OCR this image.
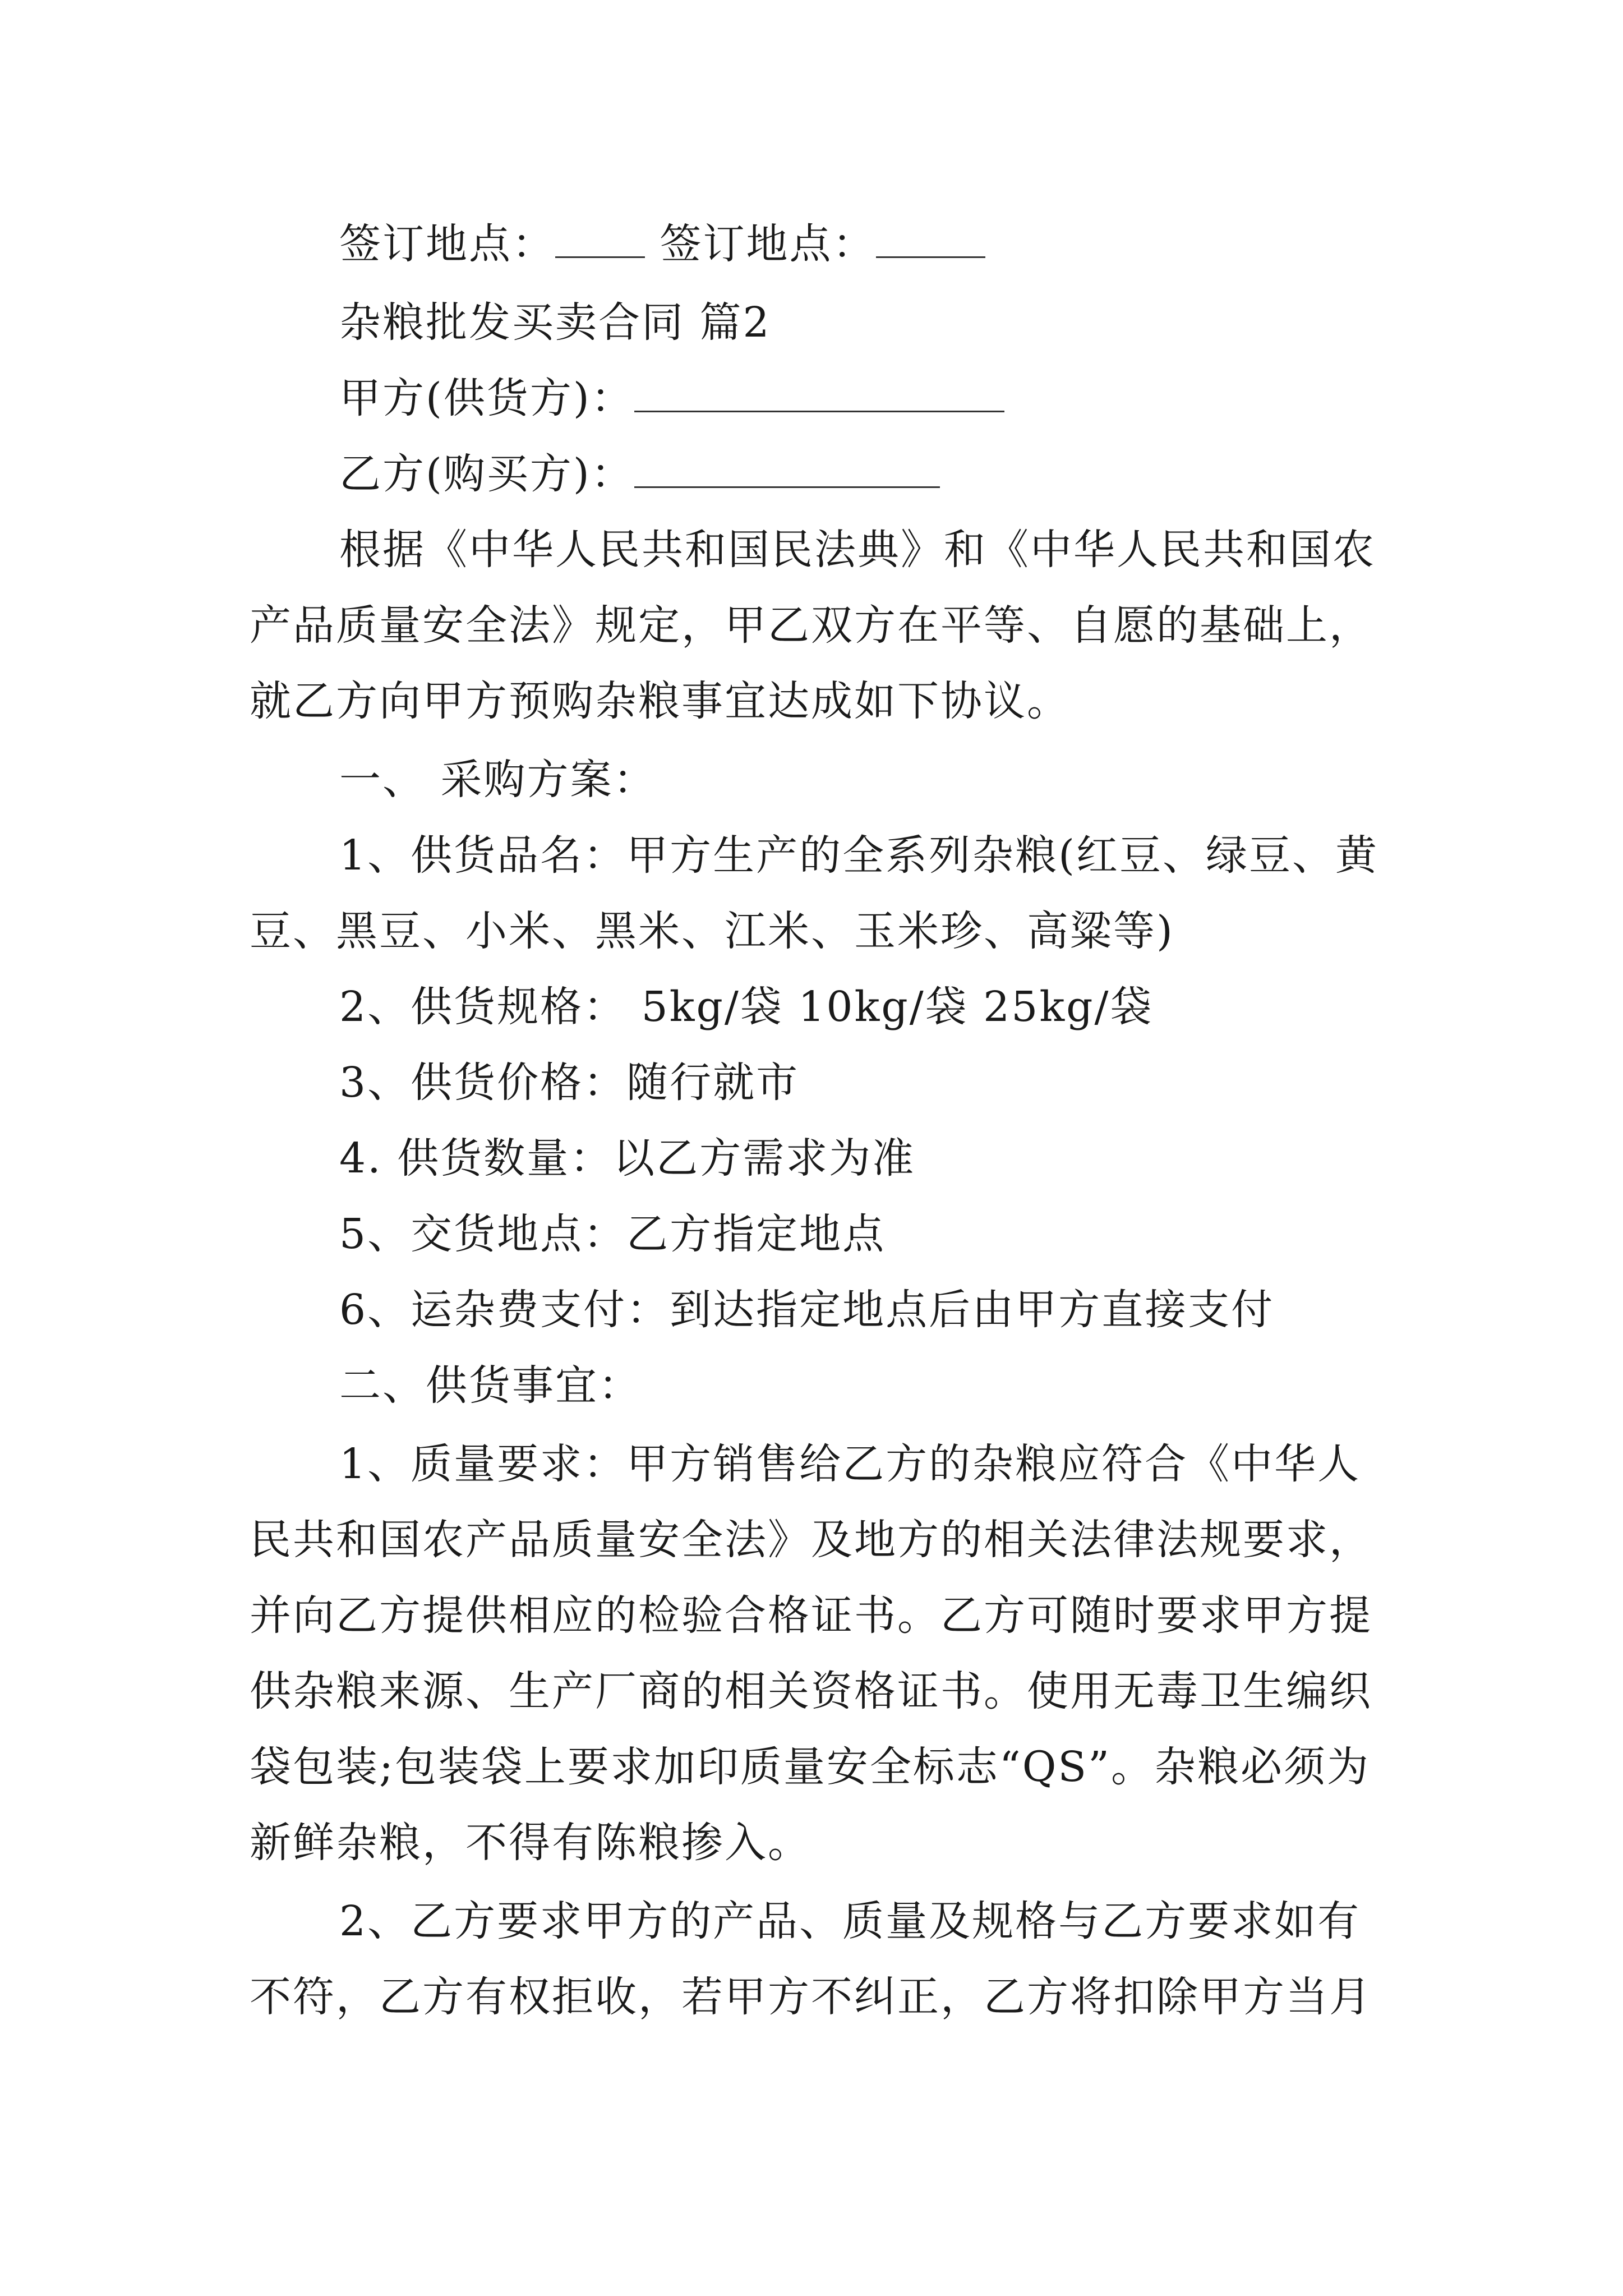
签订地点： 签订地点：
杂粮批发买卖合同 篇2
甲方(供货方)：
乙方(购买方)：
根据《中华人民共和国民法典》和《中华人民共和国农
产品质量安全法》规定，甲乙双方在平等、自愿的基础上，
就乙方向甲方预购杂粮事宜达成如下协议。
一、 采购方案：
1、供货品名：甲方生产的全系列杂粮(红豆、绿豆、黄
豆、黑豆、小米、黑米、江米、玉米珍、高粱等)
2、供货规格： 5kg/袋 10kg/袋 25kg/袋
3、供货价格：随行就市
4. 供货数量：以乙方需求为准
5、交货地点：乙方指定地点
6、运杂费支付：到达指定地点后由甲方直接支付
二、供货事宜：
1、质量要求：甲方销售给乙方的杂粮应符合《中华人
民共和国农产品质量安全法》及地方的相关法律法规要求，
并向乙方提供相应的检验合格证书。乙方可随时要求甲方提
供杂粮来源、生产厂商的相关资格证书。使用无毒卫生编织
袋包装;包装袋上要求加印质量安全标志“QS”。杂粮必须为
新鲜杂粮，不得有陈粮掺入。
2、乙方要求甲方的产品、质量及规格与乙方要求如有
不符，乙方有权拒收，若甲方不纠正，乙方将扣除甲方当月
